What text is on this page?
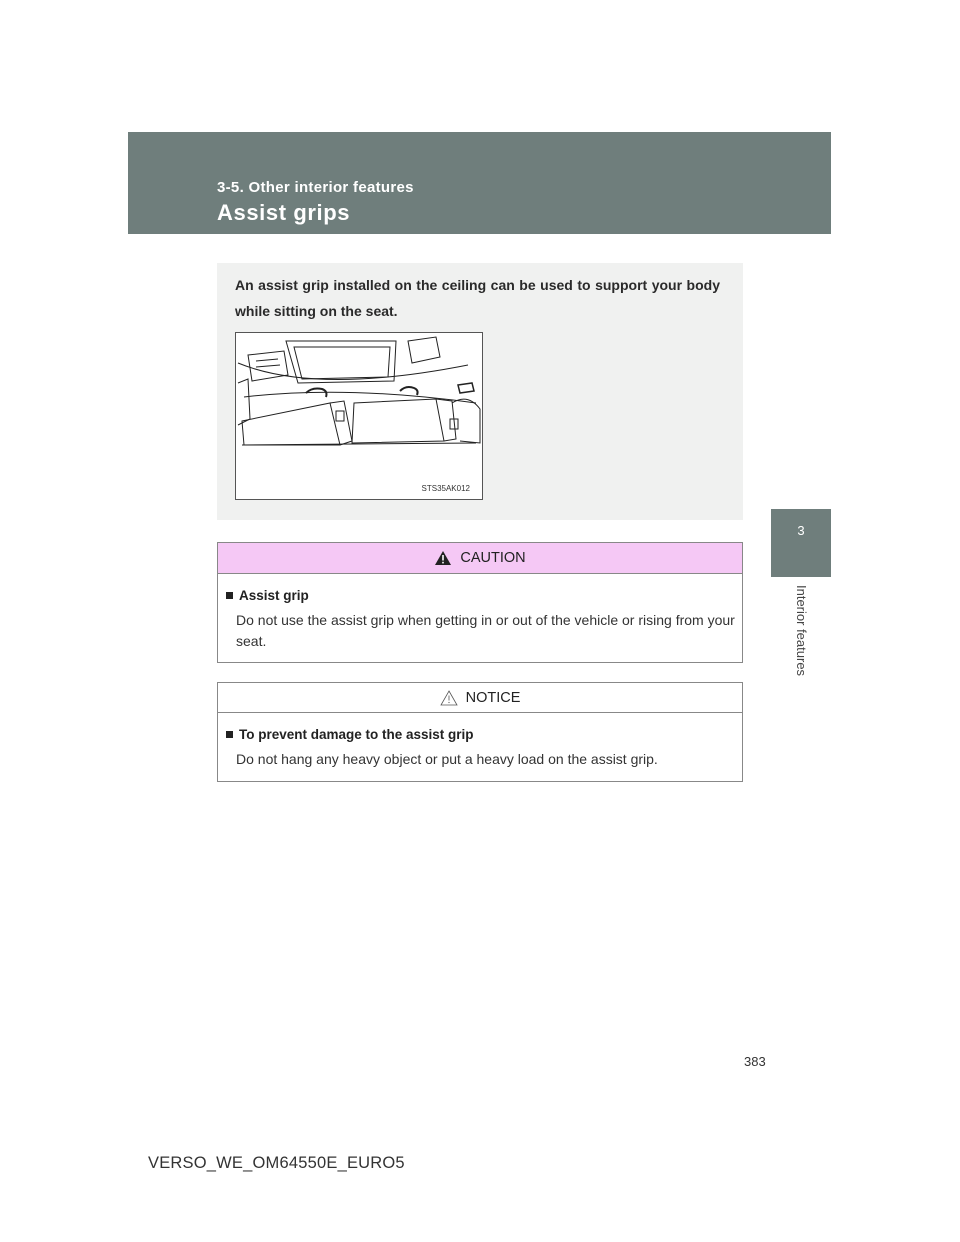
3-5. Other interior features
Assist grips
3
Interior features
An assist grip installed on the ceiling can be used to support your body while sitting on the seat.
STS35AK012
CAUTION
Assist grip
Do not use the assist grip when getting in or out of the vehicle or rising from your seat.
NOTICE
To prevent damage to the assist grip
Do not hang any heavy object or put a heavy load on the assist grip.
383
VERSO_WE_OM64550E_EURO5
